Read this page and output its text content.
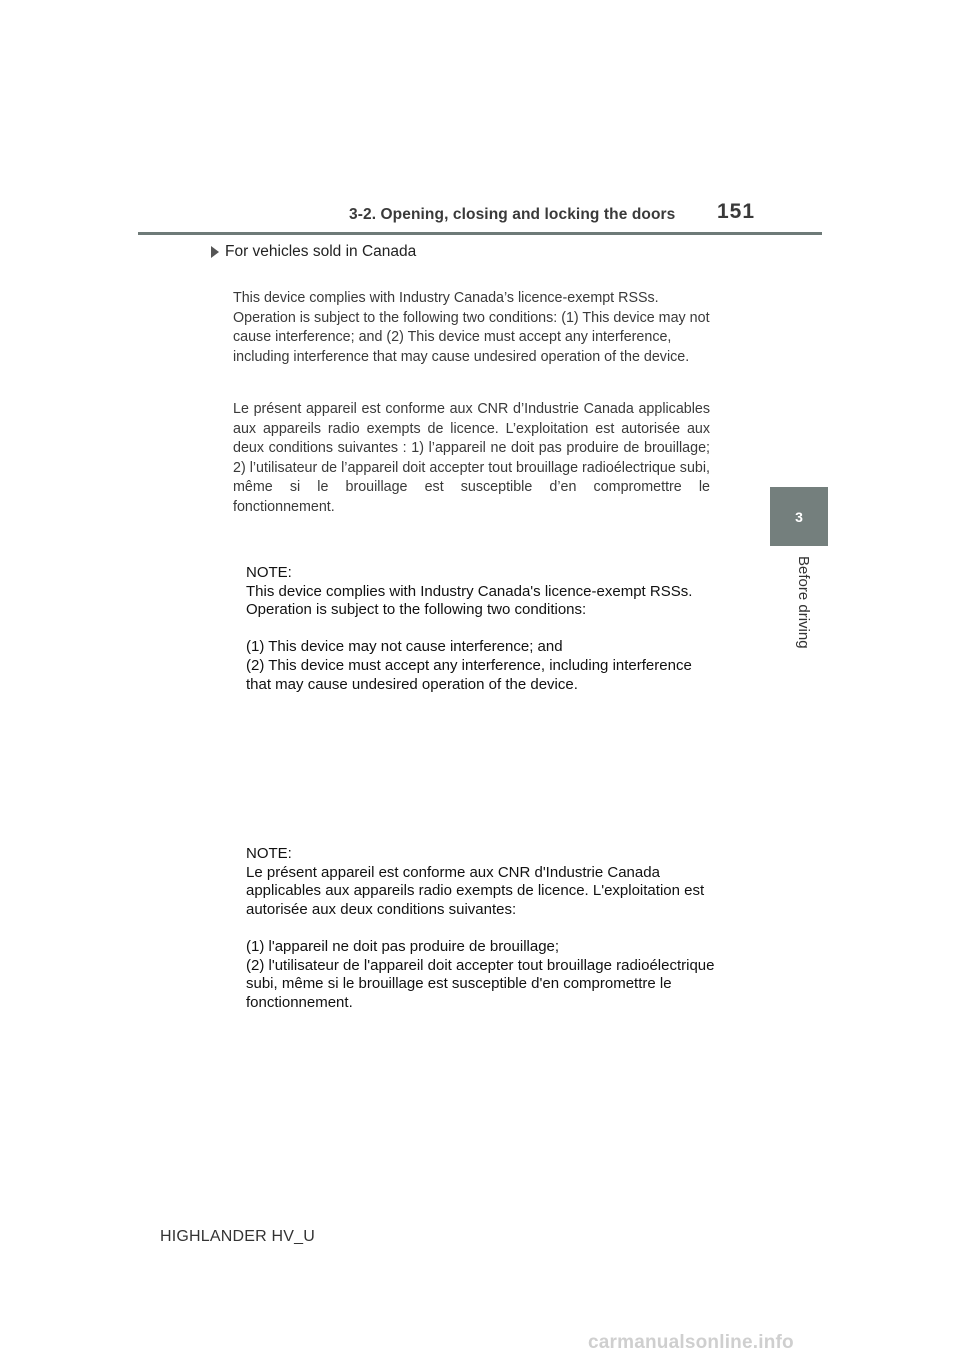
3-2. Opening, closing and locking the doors 151
3
Before driving
For vehicles sold in Canada
This device complies with Industry Canada’s licence-exempt RSSs. Operation is subject to the following two conditions: (1) This device may not cause interference; and (2) This device must accept any interference, including interference that may cause undesired operation of the device.
Le présent appareil est conforme aux CNR d’Industrie Canada applicables aux appareils radio exempts de licence. L’exploitation est autorisée aux deux conditions suivantes : 1) l’appareil ne doit pas produire de brouillage; 2) l’utilisateur de l’appareil doit accepter tout brouillage radioélectrique subi, même si le brouillage est susceptible d’en compromettre le fonctionnement.
NOTE:
This device complies with Industry Canada's licence-exempt RSSs.
Operation is subject to the following two conditions:
(1) This device may not cause interference; and
(2) This device must accept any interference, including interference
that may cause undesired operation of the device.
NOTE:
Le présent appareil est conforme aux CNR d'Industrie Canada
applicables aux appareils radio exempts de licence. L'exploitation est
autorisée aux deux conditions suivantes:
(1) l'appareil ne doit pas produire de brouillage;
(2) l'utilisateur de l'appareil doit accepter tout brouillage radioélectrique
subi, même si le brouillage est susceptible d'en compromettre le
fonctionnement.
HIGHLANDER HV_U
carmanualsonline.info
